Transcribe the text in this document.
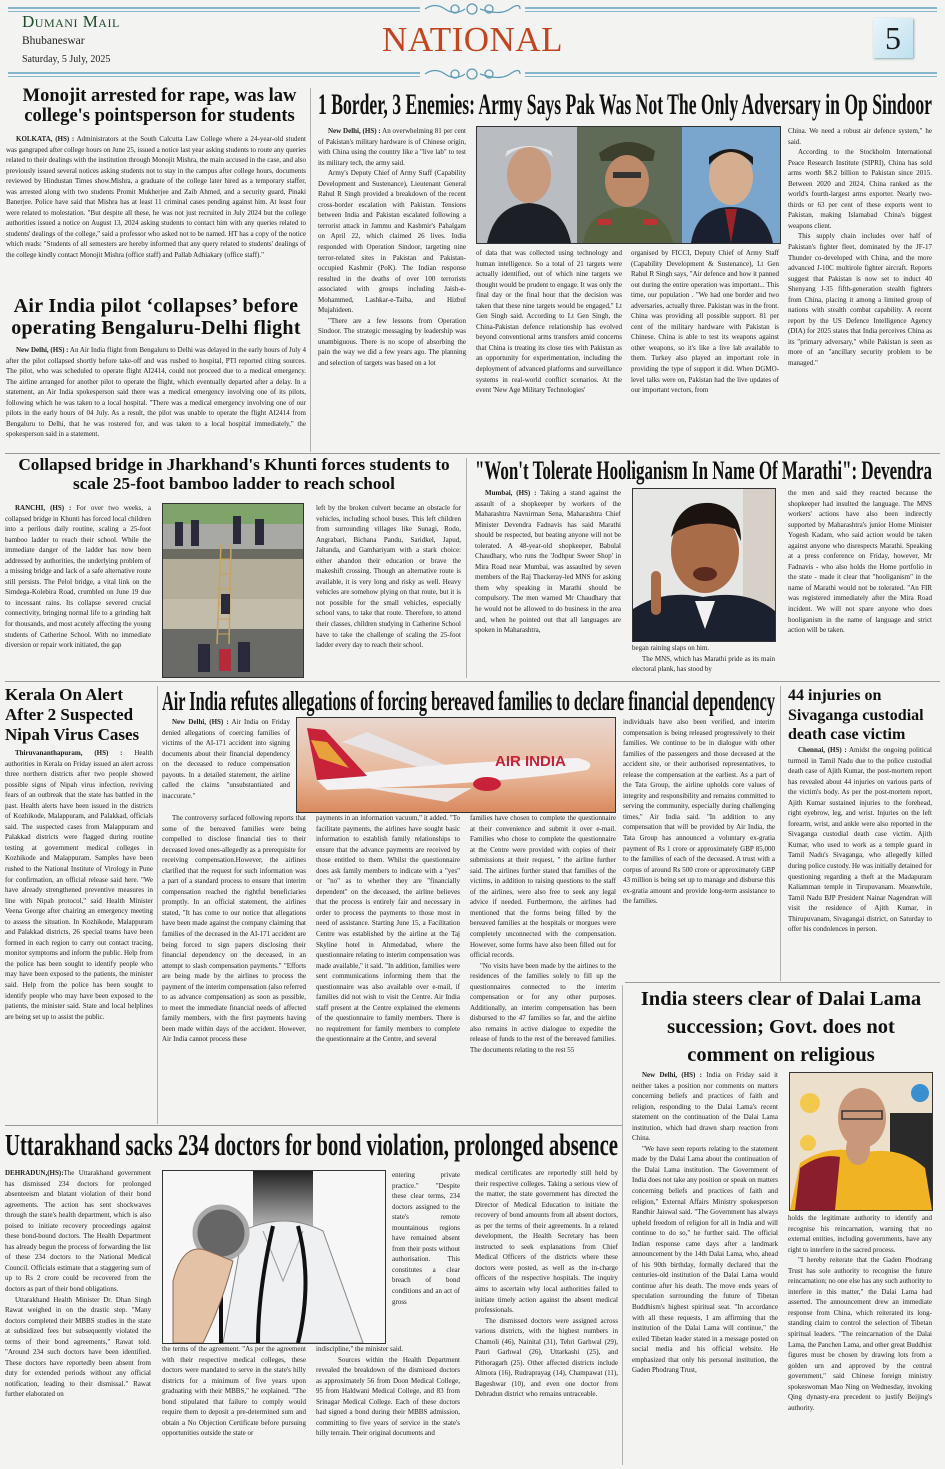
Dumani Mail
Bhubaneswar
Saturday, 5 July, 2025
NATIONAL	5
Monojit arrested for rape, was law college's pointsperson for students

KOLKATA, (HS) : Administrators at the South Calcutta Law College where a 24-year-old student was gangraped after college hours on June 25, issued a notice last year asking students to route any queries related to their dealings with the institution through Monojit Mishra, the main accused in the case, and also previously issued several notices asking students not to stay in the campus after college hours, documents reviewed by Hindustan Times show.Mishra, a graduate of the college later hired as a temporary staffer, was arrested along with two students Promit Mukherjee and Zaib Ahmed, and a security guard, Pinaki Banerjee. Police have said that Mishra has at least 11 criminal cases pending against him. At least four were related to molestation. "But despite all these, he was not just recruited in July 2024 but the college authorities issued a notice on August 13, 2024 asking students to contact him with any queries related to students' dealings of the college," said a professor who asked not to be named. HT has a copy of the notice which reads: "Students of all semesters are hereby informed that any query related to students' dealings of the college kindly contact Monojit Mishra (office staff) and Pallab Adhiakary (office staff)."

Air India pilot ‘collapses’ before operating Bengaluru-Delhi flight

New Delhi, (HS) : An Air India flight from Bengaluru to Delhi was delayed in the early hours of July 4 after the pilot collapsed shortly before take-off and was rushed to hospital, PTI reported citing sources. The pilot, who was scheduled to operate flight AI2414, could not proceed due to a medical emergency. The airline arranged for another pilot to operate the flight, which eventually departed after a delay. In a statement, an Air India spokesperson said there was a medical emergency involving one of its pilots, following which he was taken to a local hospital. "There was a medical emergency involving one of our pilots in the early hours of 04 July. As a result, the pilot was unable to operate the flight AI2414 from Bengaluru to Delhi, that he was rostered for, and was taken to a local hospital immediately," the spokesperson said in a statement.

1 Border, 3 Enemies: Army Says Pak Was Not The Only Adversary in Op Sindoor

New Delhi, (HS) : An overwhelming 81 per cent of Pakistan's military hardware is of Chinese origin, with China using the country like a "live lab" to test its military tech, the army said.

Army's Deputy Chief of Army Staff (Capability Development and Sustenance), Lieutenant General Rahul R Singh provided a breakdown of the recent cross-border escalation with Pakistan. Tensions between India and Pakistan escalated following a terrorist attack in Jammu and Kashmir's Pahalgam on April 22, which claimed 26 lives. India responded with Operation Sindoor, targeting nine terror-related sites in Pakistan and Pakistan-occupied Kashmir (PoK). The Indian response resulted in the deaths of over 100 terrorists associated with groups including Jaish-e-Mohammed, Lashkar-e-Taiba, and Hizbul Mujahideen.

"There are a few lessons from Operation Sindoor. The strategic messaging by leadership was unambiguous. There is no scope of absorbing the pain the way we did a few years ago. The planning and selection of targets was based on a lot

of data that was collected using technology and human intelligence. So a total of 21 targets were actually identified, out of which nine targets we thought would be prudent to engage. It was only the final day or the final hour that the decision was taken that these nine targets would be engaged," Lt Gen Singh said. According to Lt Gen Singh, the China-Pakistan defence relationship has evolved beyond conventional arms transfers amid concerns that China is treating its close ties with Pakistan as an opportunity for experimentation, including the deployment of advanced platforms and surveillance systems in real-world conflict scenarios. At the event 'New Age Military Technologies'

organised by FICCI, Deputy Chief of Army Staff (Capability Development & Sustenance), Lt Gen Rahul R Singh says, "Air defence and how it panned out during the entire operation was important... This time, our population . "We had one border and two adversaries, actually three. Pakistan was in the front. China was providing all possible support. 81 per cent of the military hardware with Pakistan is Chinese. China is able to test its weapons against other weapons, so it's like a live lab available to them. Turkey also played an important role in providing the type of support it did. When DGMO-level talks were on, Pakistan had the live updates of our important vectors, from

China. We need a robust air defence system," he said.

According to the Stockholm International Peace Research Institute (SIPRI), China has sold arms worth $8.2 billion to Pakistan since 2015. Between 2020 and 2024, China ranked as the world's fourth-largest arms exporter. Nearly two-thirds or 63 per cent of these exports went to Pakistan, making Islamabad China's biggest weapons client.

This supply chain includes over half of Pakistan's fighter fleet, dominated by the JF-17 Thunder co-developed with China, and the more advanced J-10C multirole fighter aircraft. Reports suggest that Pakistan is now set to induct 40 Shenyang J-35 fifth-generation stealth fighters from China, placing it among a limited group of nations with stealth combat capability. A recent report by the US Defence Intelligence Agency (DIA) for 2025 states that India perceives China as its "primary adversary," while Pakistan is seen as more of an "ancillary security problem to be managed."

Collapsed bridge in Jharkhand's Khunti forces students to scale 25-foot bamboo ladder to reach school

RANCHI, (HS) : For over two weeks, a collapsed bridge in Khunti has forced local children into a perilous daily routine, scaling a 25-foot bamboo ladder to reach their school. While the immediate danger of the ladder has now been addressed by authorities, the underlying problem of a missing bridge and lack of a safe alternative route still persists. The Pelol bridge, a vital link on the Simdega-Kolebira Road, crumbled on June 19 due to incessant rains. Its collapse severed crucial connectivity, bringing normal life to a grinding halt for thousands, and most acutely affecting the young students of Catherine School. With no immediate diversion or repair work initiated, the gap

left by the broken culvert became an obstacle for vehicles, including school buses. This left children from surrounding villages like Sunagi, Rodo, Angrabari, Bichana Pandu, Saridkel, Japud, Jaltanda, and Gamhariyam with a stark choice: either abandon their education or brave the makeshift crossing. Though an alternative route is available, it is very long and risky as well. Heavy vehicles are somehow plying on that route, but it is not possible for the small vehicles, especially school vans, to take that route. Therefore, to attend their classes, children studying in Catherine School have to take the challenge of scaling the 25-foot ladder every day to reach their school.

"Won't Tolerate Hooliganism In Name Of Marathi": Devendra

Mumbai, (HS) : Taking a stand against the assault of a shopkeeper by workers of the Maharashtra Navnirman Sena, Maharashtra Chief Minister Devendra Fadnavis has said Marathi should be respected, but beating anyone will not be tolerated. A 48-year-old shopkeeper, Babulal Chaudhary, who runs the 'Jodhpur Sweer Shop' in Mira Road near Mumbai, was assaulted by seven members of the Raj Thackeray-led MNS for asking them why speaking in Marathi should be compulsory. The men warned Mr Chaudhary that he would not be allowed to do business in the area and, when he pointed out that all languages are spoken in Maharashtra,

began raining slaps on him.

The MNS, which has Marathi pride as its main electoral plank, has stood by

the men and said they reacted because the shopkeeper had insulted the language. The MNS workers' actions have also been indirectly supported by Maharashtra's junior Home Minister Yogesh Kadam, who said action would be taken against anyone who disrespects Marathi. Speaking at a press conference on Friday, however, Mr Fadnavis - who also holds the Home portfolio in the state - made it clear that "hooliganism" in the name of Marathi would not be tolerated. "An FIR was registered immediately after the Mira Road incident. We will not spare anyone who does hooliganism in the name of language and strict action will be taken.

Kerala On Alert After 2 Suspected Nipah Virus Cases

Thiruvananthapuram, (HS) : Health authorities in Kerala on Friday issued an alert across three northern districts after two people showed possible signs of Nipah virus infection, reviving fears of an outbreak that the state has battled in the past. Health alerts have been issued in the districts of Kozhikode, Malappuram, and Palakkad, officials said. The suspected cases from Malappuram and Palakkad districts were flagged during routine testing at government medical colleges in Kozhikode and Malappuram. Samples have been rushed to the National Institute of Virology in Pune for confirmation, an official release said here. "We have already strengthened preventive measures in line with Nipah protocol," said Health Minister Veena George after chairing an emergency meeting to assess the situation. In Kozhikode, Malappuram and Palakkad districts, 26 special teams have been formed in each region to carry out contact tracing, monitor symptoms and inform the public. Help from the police has been sought to identify people who may have been exposed to the patients, the minister said. Help from the police has been sought to identify people who may have been exposed to the patients, the minister said. State and local helplines are being set up to assist the public.

Air India refutes allegations of forcing bereaved families to declare financial dependency

New Delhi, (HS) : Air India on Friday denied allegations of coercing families of victims of the AI-171 accident into signing documents about their financial dependency on the deceased to reduce compensation payouts. In a detailed statement, the airline called the claims "unsubstantiated and inaccurate."

AIR INDIA

individuals have also been verified, and interim compensation is being released progressively to their families. We continue to be in dialogue with other families of the passengers and those deceased at the accident site, or their authorised representatives, to release the compensation at the earliest. As a part of the Tata Group, the airline upholds core values of integrity and responsibility and remains committed to serving the community, especially during challenging times," Air India said. "In addition to any compensation that will be provided by Air India, the Tata Group has announced a voluntary ex-gratia payment of Rs 1 crore or approximately GBP 85,000 to the families of each of the deceased. A trust with a corpus of around Rs 500 crore or approximately GBP 43 million is being set up to manage and disburse this ex-gratia amount and provide long-term assistance to the families.

The controversy surfaced following reports that some of the bereaved families were being compelled to disclose financial ties to their deceased loved ones-allegedly as a prerequisite for receiving compensation.However, the airlines clarified that the request for such information was a part of a standard process to ensure that interim compensation reached the rightful beneficiaries promptly. In an official statement, the airlines stated, "It has come to our notice that allegations have been made against the company claiming that families of the deceased in the AI-171 accident are being forced to sign papers disclosing their financial dependency on the deceased, in an attempt to slash compensation payments." "Efforts are being made by the airlines to process the payment of the interim compensation (also referred to as advance compensation) as soon as possible, to meet the immediate financial needs of affected family members, with the first payments having been made within days of the accident. However, Air India cannot process these

payments in an information vacuum," it added. "To facilitate payments, the airlines have sought basic information to establish family relationships to ensure that the advance payments are received by those entitled to them. Whilst the questionnaire does ask family members to indicate with a "yes" or "no" as to whether they are "financially dependent" on the deceased, the airline believes that the process is entirely fair and necessary in order to process the payments to those most in need of assistance. Starting June 15, a Facilitation Centre was established by the airline at the Taj Skyline hotel in Ahmedabad, where the questionnaire relating to interim compensation was made available," it said. "In addition, families were sent communications informing them that the questionnaire was also available over e-mail, if families did not wish to visit the Centre. Air India staff present at the Centre explained the elements of the questionnaire to family members. There is no requirement for family members to complete the questionnaire at the Centre, and several

families have chosen to complete the questionnaire at their convenience and submit it over e-mail. Families who chose to complete the questionnaire at the Centre were provided with copies of their submissions at their request, " the airline further said. The airlines further stated that families of the victims, in addition to raising questions to the staff of the airlines, were also free to seek any legal advice if needed. Furthermore, the airlines had mentioned that the forms being filled by the bereaved families at the hospitals or morgues were completely unconnected with the compensation. However, some forms have also been filled out for official records.

"No visits have been made by the airlines to the residences of the families solely to fill up the questionnaires connected to the interim compensation or for any other purposes. Additionally, an interim compensation has been disbursed to the 47 families so far, and the airline also remains in active dialogue to expedite the release of funds to the rest of the bereaved families. The documents relating to the rest 55

44 injuries on Sivaganga custodial death case victim

Chennai, (HS) : Amidst the ongoing political turmoil in Tamil Nadu due to the police custodial death case of Ajith Kumar, the post-mortem report has revealed about 44 injuries on various parts of the victim's body. As per the post-mortem report, Ajith Kumar sustained injuries to the forehead, right eyebrow, leg, and wrist. Injuries on the left forearm, wrist, and ankle were also reported in the Sivaganga custodial death case victim. Ajith Kumar, who used to work as a temple guard in Tamil Nadu's Sivaganga, who allegedly killed during police custody. He was initially detained for questioning regarding a theft at the Madapuram Kaliamman temple in Tirupuvanam. Meanwhile, Tamil Nadu BJP President Nainar Nagendran will visit the residence of Ajith Kumar, in Thirupuvanam, Sivagangai district, on Saturday to offer his condolences in person.

India steers clear of Dalai Lama succession; Govt. does not comment on religious

New Delhi, (HS) : India on Friday said it neither takes a position nor comments on matters concerning beliefs and practices of faith and religion, responding to the Dalai Lama's recent statement on the continuation of the Dalai Lama institution, which had drawn sharp reaction from China.

"We have seen reports relating to the statement made by the Dalai Lama about the continuation of the Dalai Lama institution. The Government of India does not take any position or speak on matters concerning beliefs and practices of faith and religion," External Affairs Ministry spokesperson Randhir Jaiswal said. "The Government has always upheld freedom of religion for all in India and will continue to do so," he further said. The official Indian response came days after a landmark announcement by the 14th Dalai Lama, who, ahead of his 90th birthday, formally declared that the centuries-old institution of the Dalai Lama would continue after his death. The move ends years of speculation surrounding the future of Tibetan Buddhism's highest spiritual seat. "In accordance with all these requests, I am affirming that the institution of the Dalai Lama will continue," the exiled Tibetan leader stated in a message posted on social media and his official website. He emphasized that only his personal institution, the Gaden Phodrang Trust,

holds the legitimate authority to identify and recognise his reincarnation, warning that no external entities, including governments, have any right to interfere in the sacred process.

"I hereby reiterate that the Gaden Phodrang Trust has sole authority to recognise the future reincarnation; no one else has any such authority to interfere in this matter," the Dalai Lama had asserted. The announcement drew an immediate response from China, which reiterated its long-standing claim to control the selection of Tibetan spiritual leaders. "The reincarnation of the Dalai Lama, the Panchen Lama, and other great Buddhist figures must be chosen by drawing lots from a golden urn and approved by the central government," said Chinese foreign ministry spokeswoman Mao Ning on Wednesday, invoking Qing dynasty-era precedent to justify Beijing's authority.

Uttarakhand sacks 234 doctors for bond violation, prolonged absence

DEHRADUN,(HS):The Uttarakhand government has dismissed 234 doctors for prolonged absenteeism and blatant violation of their bond agreements. The action has sent shockwaves through the state's health department, which is also poised to initiate recovery proceedings against these bond-bound doctors. The Health Department has already begun the process of forwarding the list of these 234 doctors to the National Medical Council. Officials estimate that a staggering sum of up to Rs 2 crore could be recovered from the doctors as part of their bond obligations.

Uttarakhand Health Minister Dr. Dhan Singh Rawat weighed in on the drastic step. "Many doctors completed their MBBS studies in the state at subsidized fees but subsequently violated the terms of their bond agreements," Rawat told. "Around 234 such doctors have been identified. These doctors have reportedly been absent from duty for extended periods without any official notification, leading to their dismissal." Rawat further elaborated on

entering private practice." "Despite these clear terms, 234 doctors assigned to the state's remote mountainous regions have remained absent from their posts without authorisation. This constitutes a clear breach of bond conditions and an act of gross

the terms of the agreement. "As per the agreement with their respective medical colleges, these doctors were mandated to serve in the state's hilly districts for a minimum of five years upon graduating with their MBBS," he explained. "The bond stipulated that failure to comply would require them to deposit a pre-determined sum and obtain a No Objection Certificate before pursuing opportunities outside the state or

indiscipline," the minister said.

Sources within the Health Department revealed the breakdown of the dismissed doctors as approximately 56 from Doon Medical College, 95 from Haldwani Medical College, and 83 from Srinagar Medical College. Each of these doctors had signed a bond during their MBBS admission, committing to five years of service in the state's hilly terrain. Their original documents and

medical certificates are reportedly still held by their respective colleges. Taking a serious view of the matter, the state government has directed the Director of Medical Education to initiate the recovery of bond amounts from all absent doctors, as per the terms of their agreements. In a related development, the Health Secretary has been instructed to seek explanations from Chief Medical Officers of the districts where these doctors were posted, as well as the in-charge officers of the respective hospitals. The inquiry aims to ascertain why local authorities failed to initiate timely action against the absent medical professionals.

The dismissed doctors were assigned across various districts, with the highest numbers in Chamoli (46), Nainital (31), Tehri Garhwal (29), Pauri Garhwal (26), Uttarkashi (25), and Pithoragarh (25). Other affected districts include Almora (16), Rudraprayag (14), Champawat (11), Bageshwar (10), and even one doctor from Dehradun district who remains untraceable.
